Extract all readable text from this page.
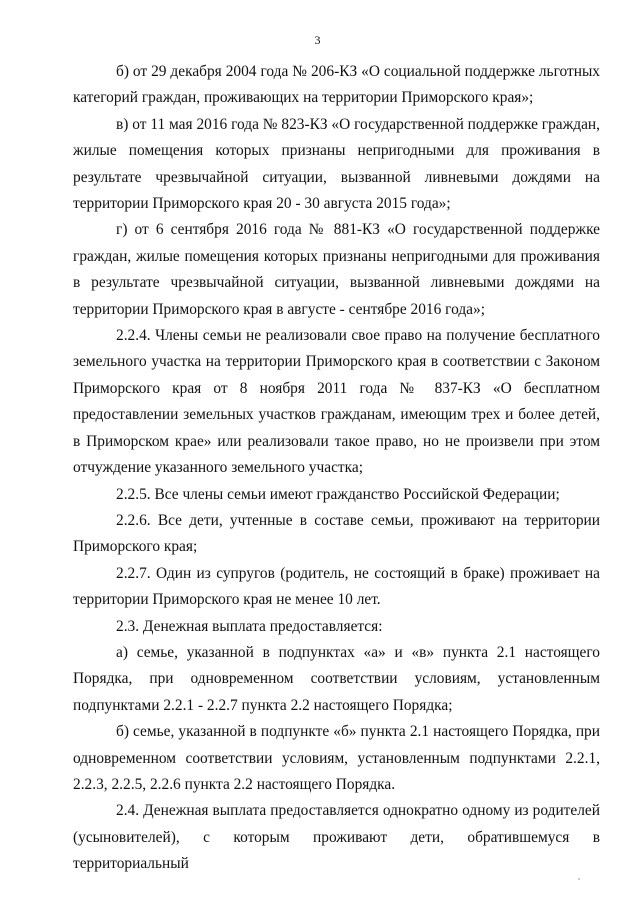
3

б) от 29 декабря 2004 года № 206-КЗ «О социальной поддержке льготных категорий граждан, проживающих на территории Приморского края»;

в) от 11 мая 2016 года № 823-КЗ «О государственной поддержке граждан, жилые помещения которых признаны непригодными для проживания в результате чрезвычайной ситуации, вызванной ливневыми дождями на территории Приморского края 20 - 30 августа 2015 года»;

г) от 6 сентября 2016 года № 881-КЗ «О государственной поддержке граждан, жилые помещения которых признаны непригодными для проживания в результате чрезвычайной ситуации, вызванной ливневыми дождями на территории Приморского края в августе - сентябре 2016 года»;

2.2.4. Члены семьи не реализовали свое право на получение бесплатного земельного участка на территории Приморского края в соответствии с Законом Приморского края от 8 ноября 2011 года № 837-КЗ «О бесплатном предоставлении земельных участков гражданам, имеющим трех и более детей, в Приморском крае» или реализовали такое право, но не произвели при этом отчуждение указанного земельного участка;

2.2.5. Все члены семьи имеют гражданство Российской Федерации;

2.2.6. Все дети, учтенные в составе семьи, проживают на территории Приморского края;

2.2.7. Один из супругов (родитель, не состоящий в браке) проживает на территории Приморского края не менее 10 лет.

2.3. Денежная выплата предоставляется:

а) семье, указанной в подпунктах «а» и «в» пункта 2.1 настоящего Порядка, при одновременном соответствии условиям, установленным подпунктами 2.2.1 - 2.2.7 пункта 2.2 настоящего Порядка;

б) семье, указанной в подпункте «б» пункта 2.1 настоящего Порядка, при одновременном соответствии условиям, установленным подпунктами 2.2.1, 2.2.3, 2.2.5, 2.2.6 пункта 2.2 настоящего Порядка.

2.4. Денежная выплата предоставляется однократно одному из родителей (усыновителей), с которым проживают дети, обратившемуся в территориальный
